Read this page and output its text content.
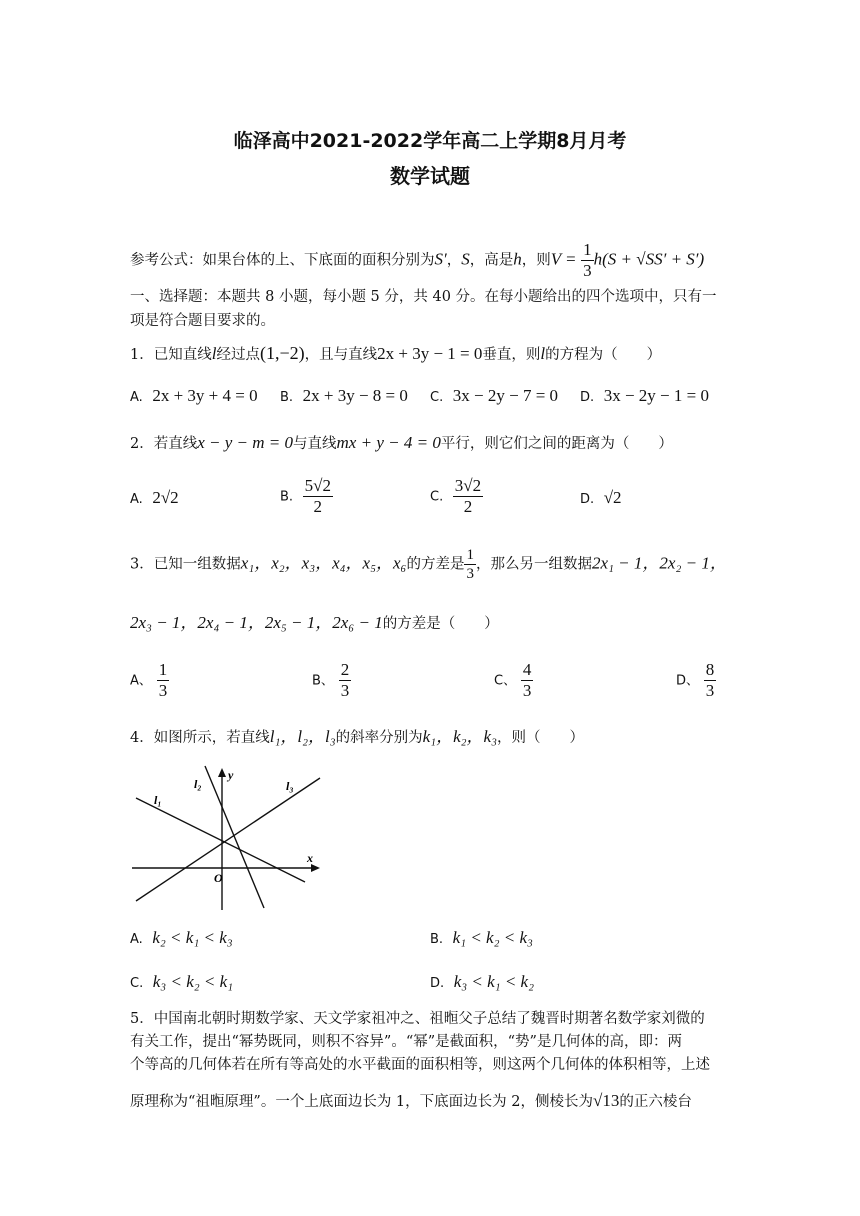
临泽高中2021-2022学年高二上学期8月月考
数学试题
参考公式：如果台体的上、下底面的面积分别为S′，S，高是h，则$V = \frac{1}{3} h(S + √SS' + S')$
一、选择题：本题共 8 小题，每小题 5 分，共 40 分。在每小题给出的四个选项中，只有一
项是符合题目要求的。
1．已知直线l经过点(1,−2)，且与直线2x + 3y − 1 = 0垂直，则l的方程为（　　）
A. 2x + 3y + 4 = 0 B. 2x + 3y − 8 = 0 C. 3x − 2y − 7 = 0 D. 3x − 2y − 1 = 0
2．若直线x − y − m = 0与直线mx + y − 4 = 0平行，则它们之间的距离为（　　）
A. 2√2	B. $\frac{5√2}{2}$	C. $\frac{3√2}{2}$	D. √2
3．已知一组数据x₁，x₂，x₃，x₄，x₅，x₆的方差是 $\frac{1}{3}$ ，那么另一组数据2x₁ − 1，2x₂ − 1，
2x₃ − 1，2x₄ − 1，2x₅ − 1，2x₆ − 1的方差是（　　）
A、 $\frac{1}{3}$	B、 $\frac{2}{3}$	C、 $\frac{4}{3}$	D、 $\frac{8}{3}$
4．如图所示，若直线l₁，l₂，l₃的斜率分别为k₁，k₂，k₃，则（　　）
l₁
l₂	l₃
y
x
O
A. k₂ < k₁ < k₃	B. k₁ < k₂ < k₃
C. k₃ < k₂ < k₁	D. k₃ < k₁ < k₂
5．中国南北朝时期数学家、天文学家祖冲之、祖暅父子总结了魏晋时期著名数学家刘微的
有关工作，提出“幂势既同，则积不容异”。“幂”是截面积，“势”是几何体的高，即：两
个等高的几何体若在所有等高处的水平截面的面积相等，则这两个几何体的体积相等，上述
原理称为“祖暅原理”。一个上底面边长为 1，下底面边长为 2，侧棱长为√13的正六棱台
